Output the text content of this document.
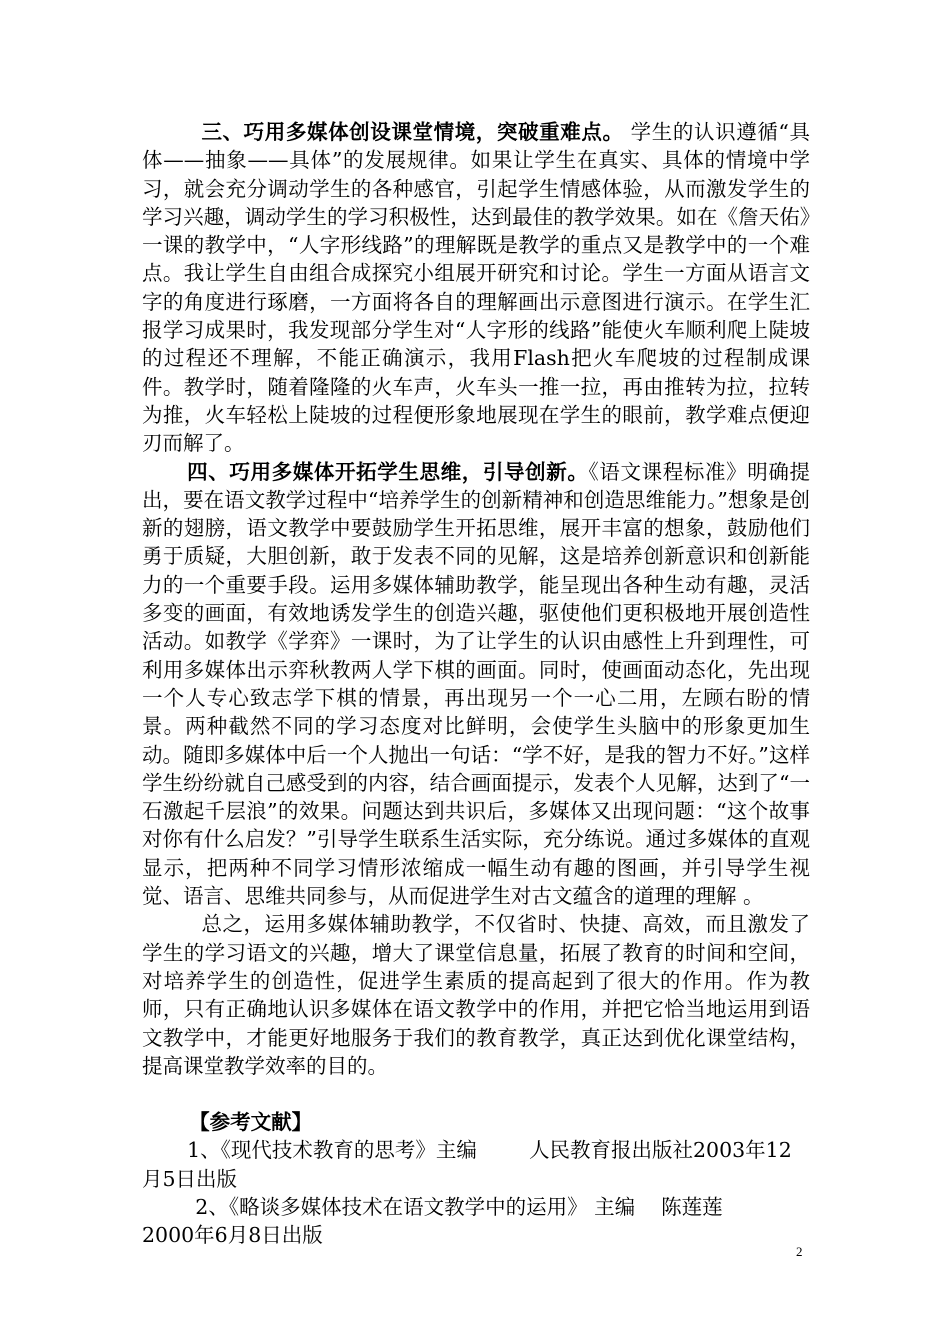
三、巧用多媒体创设课堂情境，突破重难点。 学生的认识遵循“具体——抽象——具体”的发展规律。如果让学生在真实、具体的情境中学习，就会充分调动学生的各种感官，引起学生情感体验，从而激发学生的学习兴趣，调动学生的学习积极性，达到最佳的教学效果。如在《詹天佑》一课的教学中，“人字形线路”的理解既是教学的重点又是教学中的一个难点。我让学生自由组合成探究小组展开研究和讨论。学生一方面从语言文字的角度进行琢磨，一方面将各自的理解画出示意图进行演示。在学生汇报学习成果时，我发现部分学生对“人字形的线路”能使火车顺利爬上陡坡的过程还不理解，不能正确演示，我用Flash把火车爬坡的过程制成课件。教学时，随着隆隆的火车声，火车头一推一拉，再由推转为拉，拉转为推，火车轻松上陡坡的过程便形象地展现在学生的眼前，教学难点便迎刃而解了。

四、巧用多媒体开拓学生思维，引导创新。《语文课程标准》明确提出，要在语文教学过程中“培养学生的创新精神和创造思维能力。”想象是创新的翅膀，语文教学中要鼓励学生开拓思维，展开丰富的想象，鼓励他们勇于质疑，大胆创新，敢于发表不同的见解，这是培养创新意识和创新能力的一个重要手段。运用多媒体辅助教学，能呈现出各种生动有趣，灵活多变的画面，有效地诱发学生的创造兴趣，驱使他们更积极地开展创造性活动。如教学《学弈》一课时，为了让学生的认识由感性上升到理性，可利用多媒体出示弈秋教两人学下棋的画面。同时，使画面动态化，先出现一个人专心致志学下棋的情景，再出现另一个一心二用，左顾右盼的情景。两种截然不同的学习态度对比鲜明，会使学生头脑中的形象更加生动。随即多媒体中后一个人抛出一句话：“学不好，是我的智力不好。”这样学生纷纷就自己感受到的内容，结合画面提示，发表个人见解，达到了“一石激起千层浪”的效果。问题达到共识后，多媒体又出现问题：“这个故事对你有什么启发？”引导学生联系生活实际，充分练说。通过多媒体的直观显示，把两种不同学习情形浓缩成一幅生动有趣的图画，并引导学生视觉、语言、思维共同参与，从而促进学生对古文蕴含的道理的理解 。

总之，运用多媒体辅助教学，不仅省时、快捷、高效，而且激发了学生的学习语文的兴趣，增大了课堂信息量，拓展了教育的时间和空间，对培养学生的创造性，促进学生素质的提高起到了很大的作用。作为教师，只有正确地认识多媒体在语文教学中的作用，并把它恰当地运用到语文教学中，才能更好地服务于我们的教育教学，真正达到优化课堂结构，提高课堂教学效率的目的。

【参考文献】

1、《现代技术教育的思考》主编        人民教育报出版社2003年12月5日出版

2、《略谈多媒体技术在语文教学中的运用》 主编    陈莲莲       2000年6月8日出版

2
